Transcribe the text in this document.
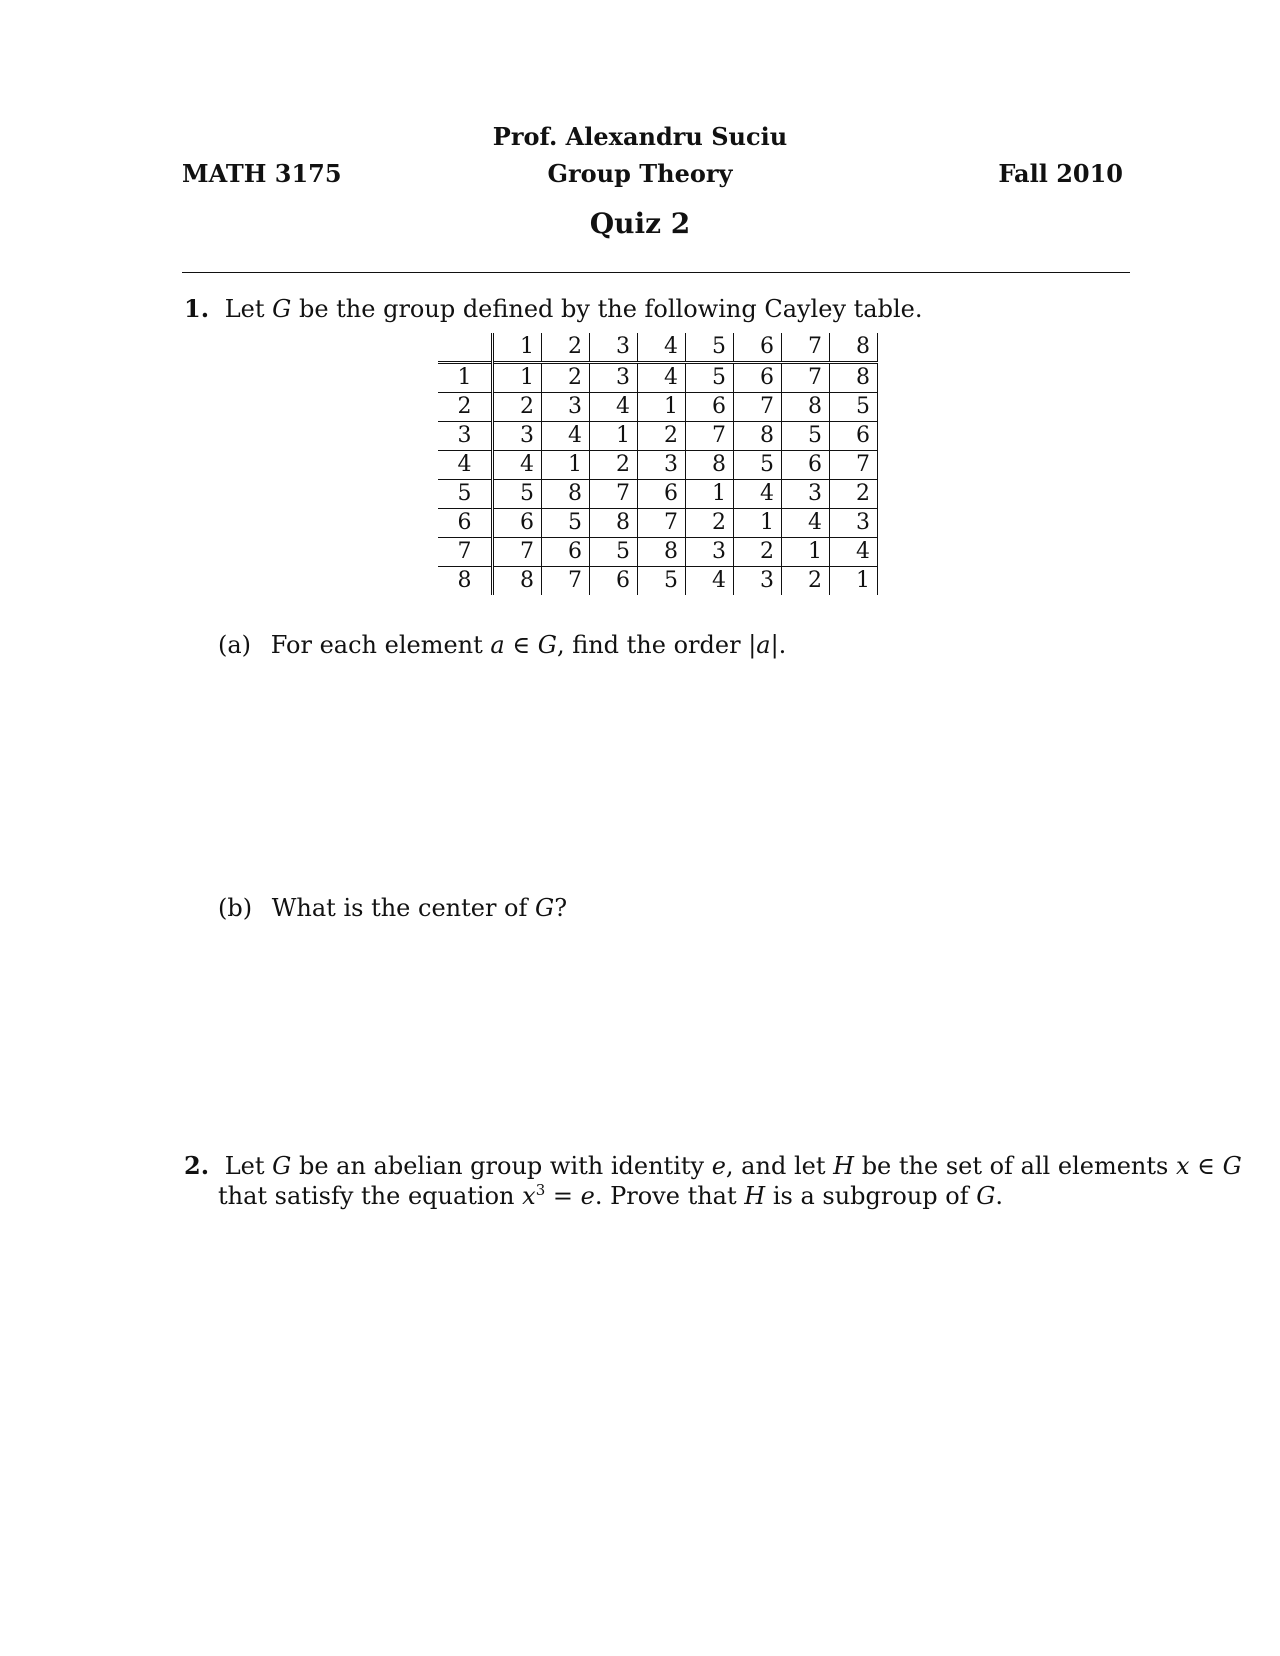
MATH 3175
Prof. Alexandru Suciu
Group Theory	Fall 2010
Quiz 2
1. Let G be the group defined by the following Cayley table.
	1	2	3	4	5	6	7	8
1	1	2	3	4	5	6	7	8
2	2	3	4	1	6	7	8	5
3	3	4	1	2	7	8	5	6
4	4	1	2	3	8	5	6	7
5	5	8	7	6	1	4	3	2
6	6	5	8	7	2	1	4	3
7	7	6	5	8	3	2	1	4
8	8	7	6	5	4	3	2	1
(a) For each element a ∈ G, find the order |a|.
(b) What is the center of G?
2. Let G be an abelian group with identity e, and let H be the set of all elements x ∈ G
that satisfy the equation $x^3 = e$. Prove that H is a subgroup of G.
